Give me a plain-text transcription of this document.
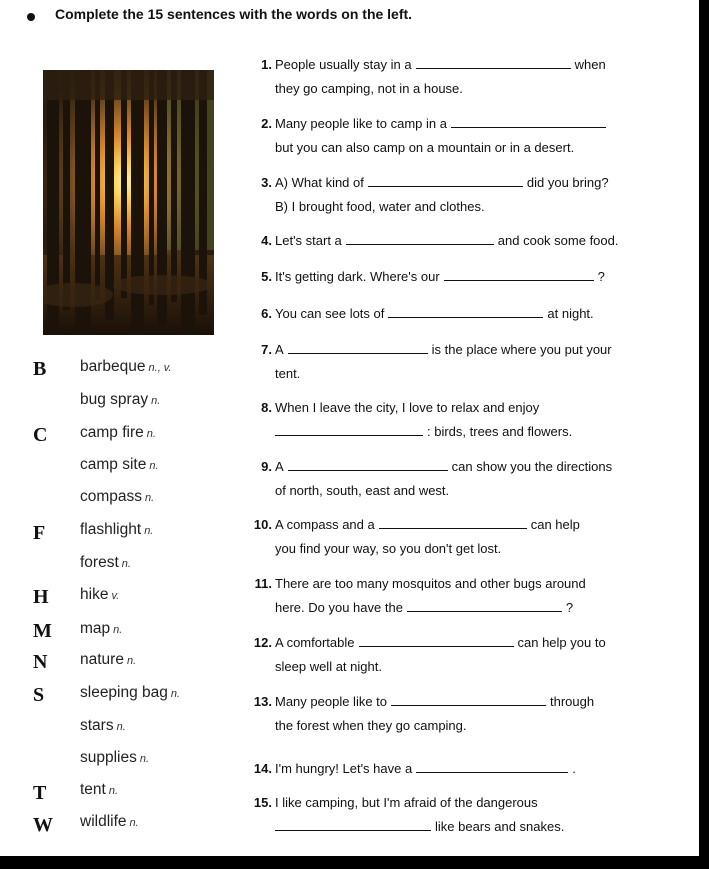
Complete the 15 sentences with the words on the left.
B
C
F
H
M
N
S
T
W
barbeque n., v.
bug spray n.
camp fire n.
camp site n.
compass n.
flashlight n.
forest n.
hike v.
map n.
nature n.
sleeping bag n.
stars n.
supplies n.
tent n.
wildlife n.
1. People usually stay in a	when
they go camping, not in a house.
2. Many people like to camp in a
but you can also camp on a mountain or in a desert.
3. A) What kind of	did you bring?
B) I brought food, water and clothes.
4. Let's start a	and cook some food.
5. It's getting dark. Where's our	?
6. You can see lots of	at night.
7. A	is the place where you put your
tent.
8. When I leave the city, I love to relax and enjoy
: birds, trees and flowers.
9. A	can show you the directions
of north, south, east and west.
10. A compass and a	can help
you find your way, so you don't get lost.
11. There are too many mosquitos and other bugs around
here. Do you have the	?
12. A comfortable	can help you to
sleep well at night.
13. Many people like to	through
the forest when they go camping.
14. I'm hungry! Let's have a	.
15. I like camping, but I'm afraid of the dangerous
like bears and snakes.
